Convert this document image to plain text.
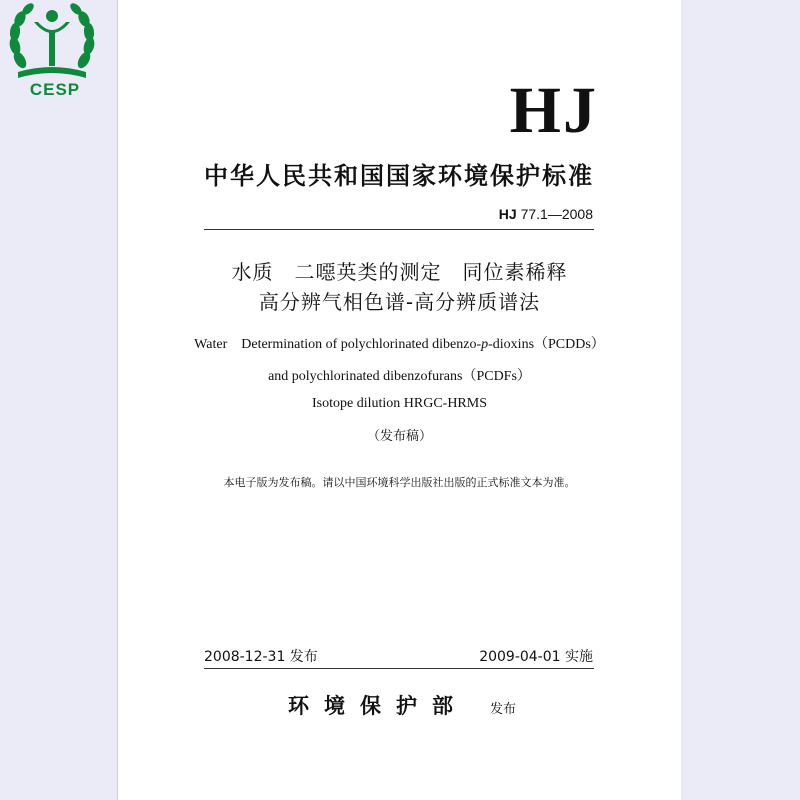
CESP	HJ
中华人民共和国国家环境保护标准
HJ 77.1—2008
水质　二噁英类的测定　同位素稀释
高分辨气相色谱-高分辨质谱法
Water　Determination of polychlorinated dibenzo-p-dioxins（PCDDs）
and polychlorinated dibenzofurans（PCDFs）
Isotope dilution HRGC-HRMS
（发布稿）
本电子版为发布稿。请以中国环境科学出版社出版的正式标准文本为准。
2008-12-31 发布	2009-04-01 实施
环境保护部 发布
